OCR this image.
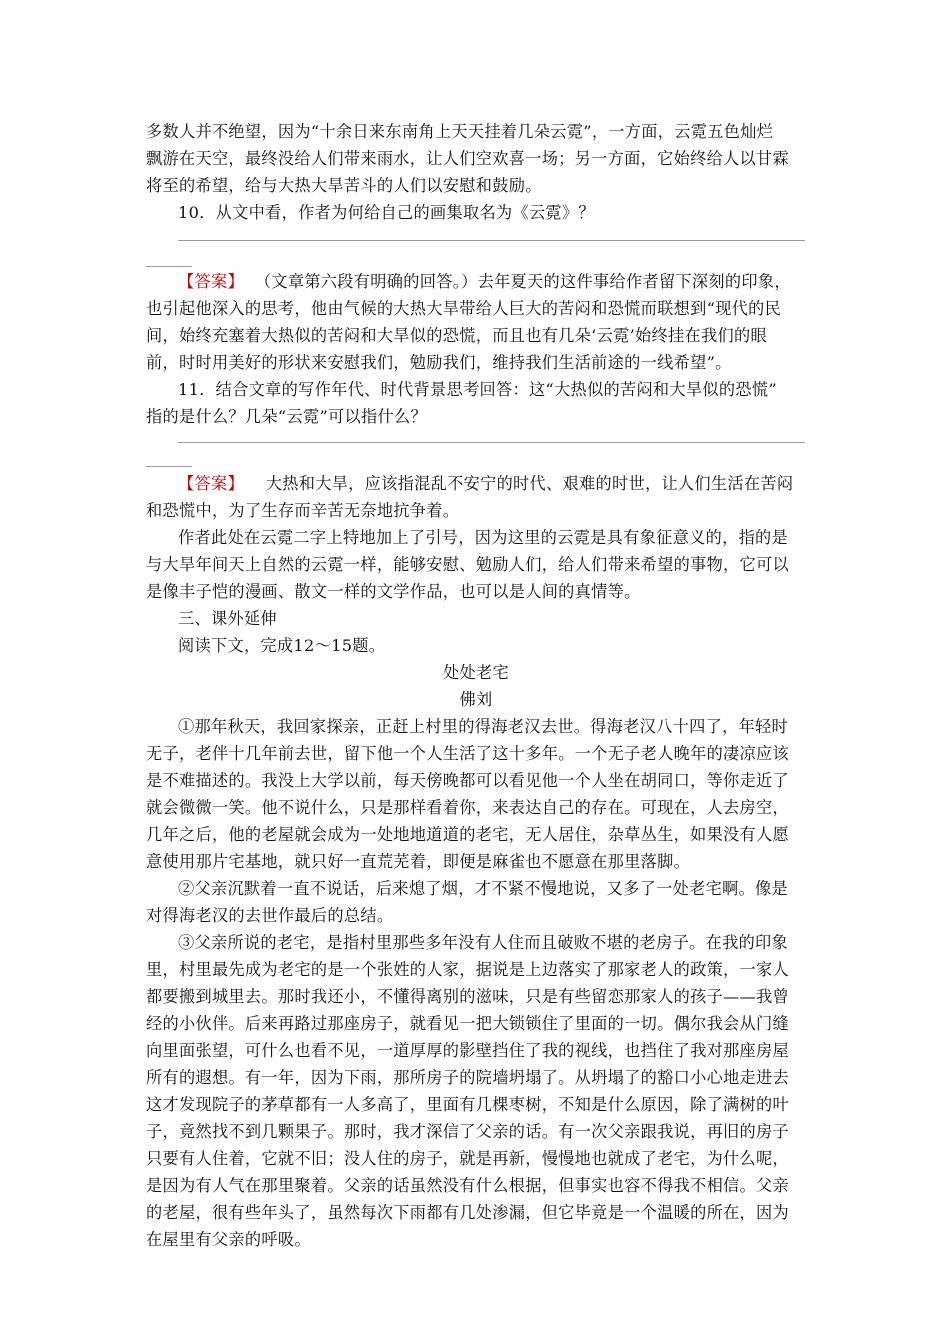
多数人并不绝望，因为“十余日来东南角上天天挂着几朵云霓”，一方面，云霓五色灿烂
飘游在天空，最终没给人们带来雨水，让人们空欢喜一场；另一方面，它始终给人以甘霖
将至的希望，给与大热大旱苦斗的人们以安慰和鼓励。
10．从文中看，作者为何给自己的画集取名为《云霓》？
【答案】 （文章第六段有明确的回答。）去年夏天的这件事给作者留下深刻的印象，
也引起他深入的思考，他由气候的大热大旱带给人巨大的苦闷和恐慌而联想到“现代的民
间，始终充塞着大热似的苦闷和大旱似的恐慌，而且也有几朵‘云霓’始终挂在我们的眼
前，时时用美好的形状来安慰我们，勉励我们，维持我们生活前途的一线希望”。
11．结合文章的写作年代、时代背景思考回答：这“大热似的苦闷和大旱似的恐慌”
指的是什么？几朵“云霓”可以指什么？
【答案】 大热和大旱，应该指混乱不安宁的时代、艰难的时世，让人们生活在苦闷
和恐慌中，为了生存而辛苦无奈地抗争着。
作者此处在云霓二字上特地加上了引号，因为这里的云霓是具有象征意义的，指的是
与大旱年间天上自然的云霓一样，能够安慰、勉励人们，给人们带来希望的事物，它可以
是像丰子恺的漫画、散文一样的文学作品，也可以是人间的真情等。
三、课外延伸
阅读下文，完成12～15题。
处处老宅
佛刘
①那年秋天，我回家探亲，正赶上村里的得海老汉去世。得海老汉八十四了，年轻时
无子，老伴十几年前去世，留下他一个人生活了这十多年。一个无子老人晚年的凄凉应该
是不难描述的。我没上大学以前，每天傍晚都可以看见他一个人坐在胡同口，等你走近了
就会微微一笑。他不说什么，只是那样看着你，来表达自己的存在。可现在，人去房空，
几年之后，他的老屋就会成为一处地地道道的老宅，无人居住，杂草丛生，如果没有人愿
意使用那片宅基地，就只好一直荒芜着，即便是麻雀也不愿意在那里落脚。
②父亲沉默着一直不说话，后来熄了烟，才不紧不慢地说，又多了一处老宅啊。像是
对得海老汉的去世作最后的总结。
③父亲所说的老宅，是指村里那些多年没有人住而且破败不堪的老房子。在我的印象
里，村里最先成为老宅的是一个张姓的人家，据说是上边落实了那家老人的政策，一家人
都要搬到城里去。那时我还小，不懂得离别的滋味，只是有些留恋那家人的孩子——我曾
经的小伙伴。后来再路过那座房子，就看见一把大锁锁住了里面的一切。偶尔我会从门缝
向里面张望，可什么也看不见，一道厚厚的影壁挡住了我的视线，也挡住了我对那座房屋
所有的遐想。有一年，因为下雨，那所房子的院墙坍塌了。从坍塌了的豁口小心地走进去
这才发现院子的茅草都有一人多高了，里面有几棵枣树，不知是什么原因，除了满树的叶
子，竟然找不到几颗果子。那时，我才深信了父亲的话。有一次父亲跟我说，再旧的房子
只要有人住着，它就不旧；没人住的房子，就是再新，慢慢地也就成了老宅，为什么呢，
是因为有人气在那里聚着。父亲的话虽然没有什么根据，但事实也容不得我不相信。父亲
的老屋，很有些年头了，虽然每次下雨都有几处渗漏，但它毕竟是一个温暖的所在，因为
在屋里有父亲的呼吸。
